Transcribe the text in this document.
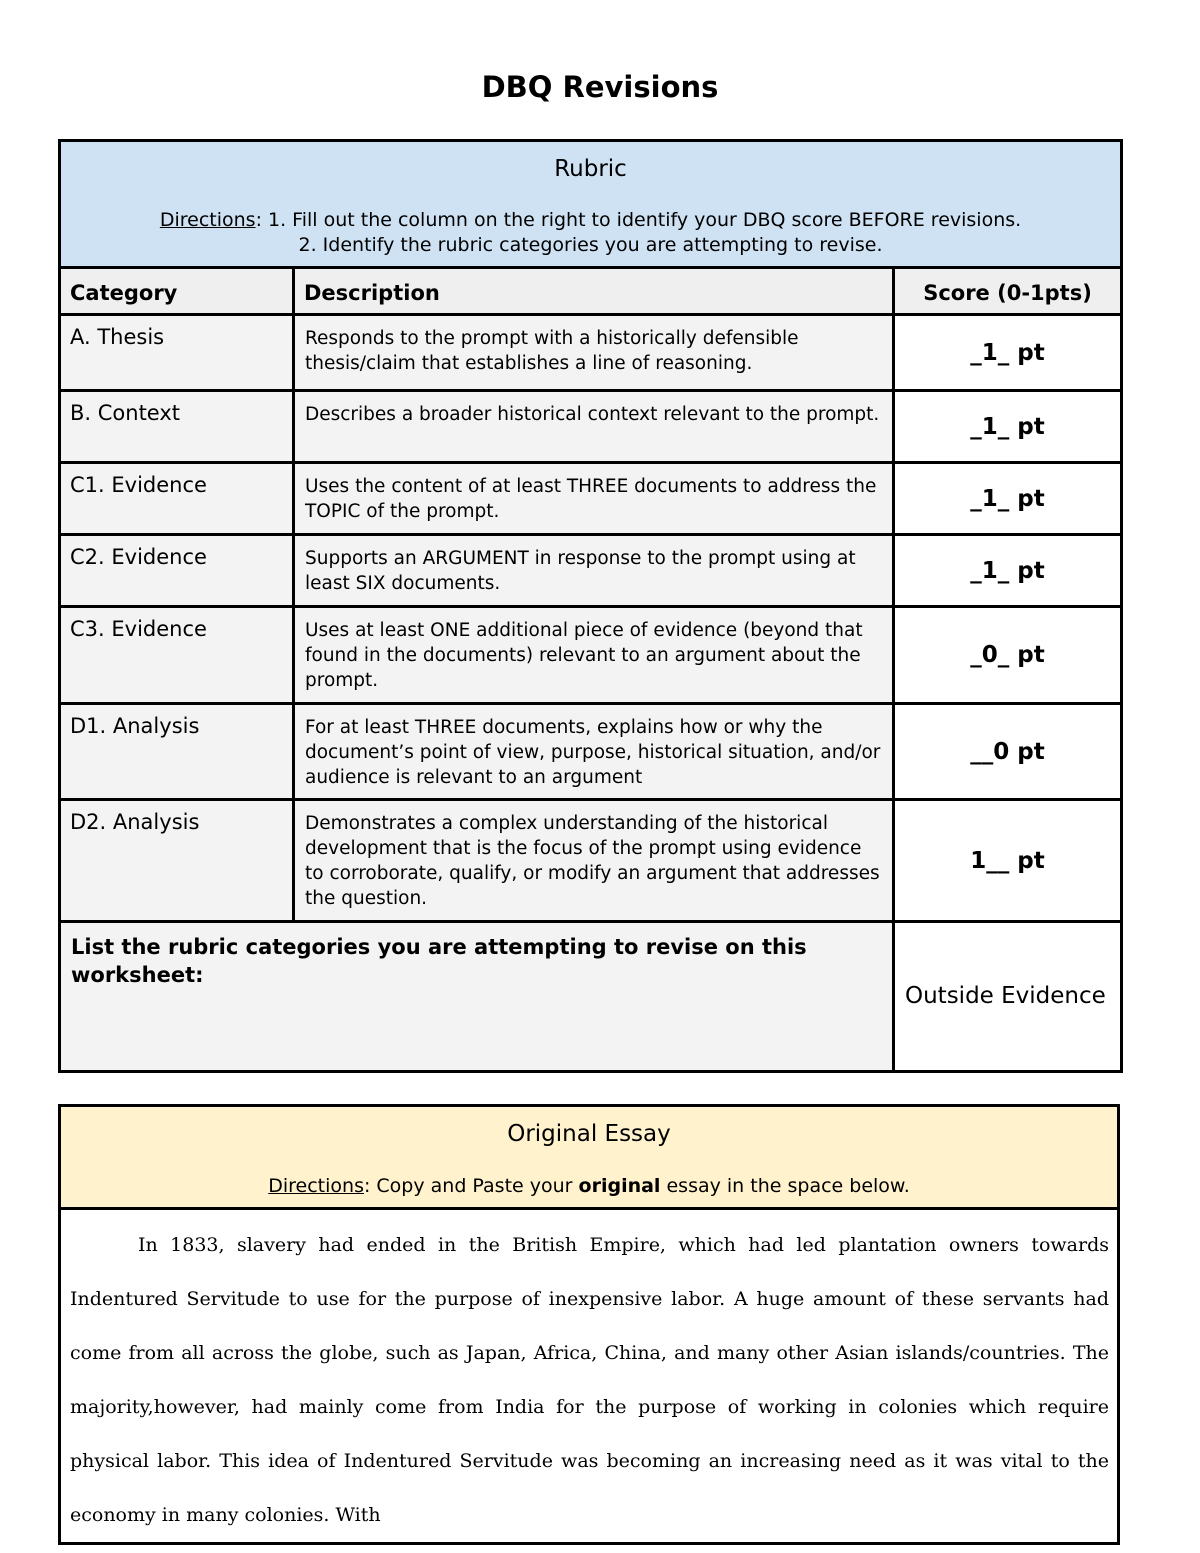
DBQ Revisions
Rubric
Directions: 1. Fill out the column on the right to identify your DBQ score BEFORE revisions.
2. Identify the rubric categories you are attempting to revise.		

Category	Description	Score (0-1pts)

A. Thesis	Responds to the prompt with a historically defensible thesis/claim that establishes a line of reasoning.	_1_ pt
B. Context	Describes a broader historical context relevant to the prompt.	_1_ pt
C1. Evidence	Uses the content of at least THREE documents to address the TOPIC of the prompt.	_1_ pt
C2. Evidence	Supports an ARGUMENT in response to the prompt using at least SIX documents.	_1_ pt
C3. Evidence	Uses at least ONE additional piece of evidence (beyond that found in the documents) relevant to an argument about the prompt.	_0_ pt
D1. Analysis	For at least THREE documents, explains how or why the document’s point of view, purpose, historical situation, and/or audience is relevant to an argument	__0 pt
D2. Analysis	Demonstrates a complex understanding of the historical development that is the focus of the prompt using evidence to corroborate, qualify, or modify an argument that addresses the question.	1__ pt
List the rubric categories you are attempting to revise on this worksheet:		Outside Evidence
Original Essay
Directions: Copy and Paste your original essay in the space below.

In 1833, slavery had ended in the British Empire, which had led plantation owners towards Indentured Servitude to use for the purpose of inexpensive labor. A huge amount of these servants had come from all across the globe, such as Japan, Africa, China, and many other Asian islands/countries. The majority,however, had mainly come from India for the purpose of working in colonies which require physical labor. This idea of Indentured Servitude was becoming an increasing need as it was vital to the economy in many colonies. With
